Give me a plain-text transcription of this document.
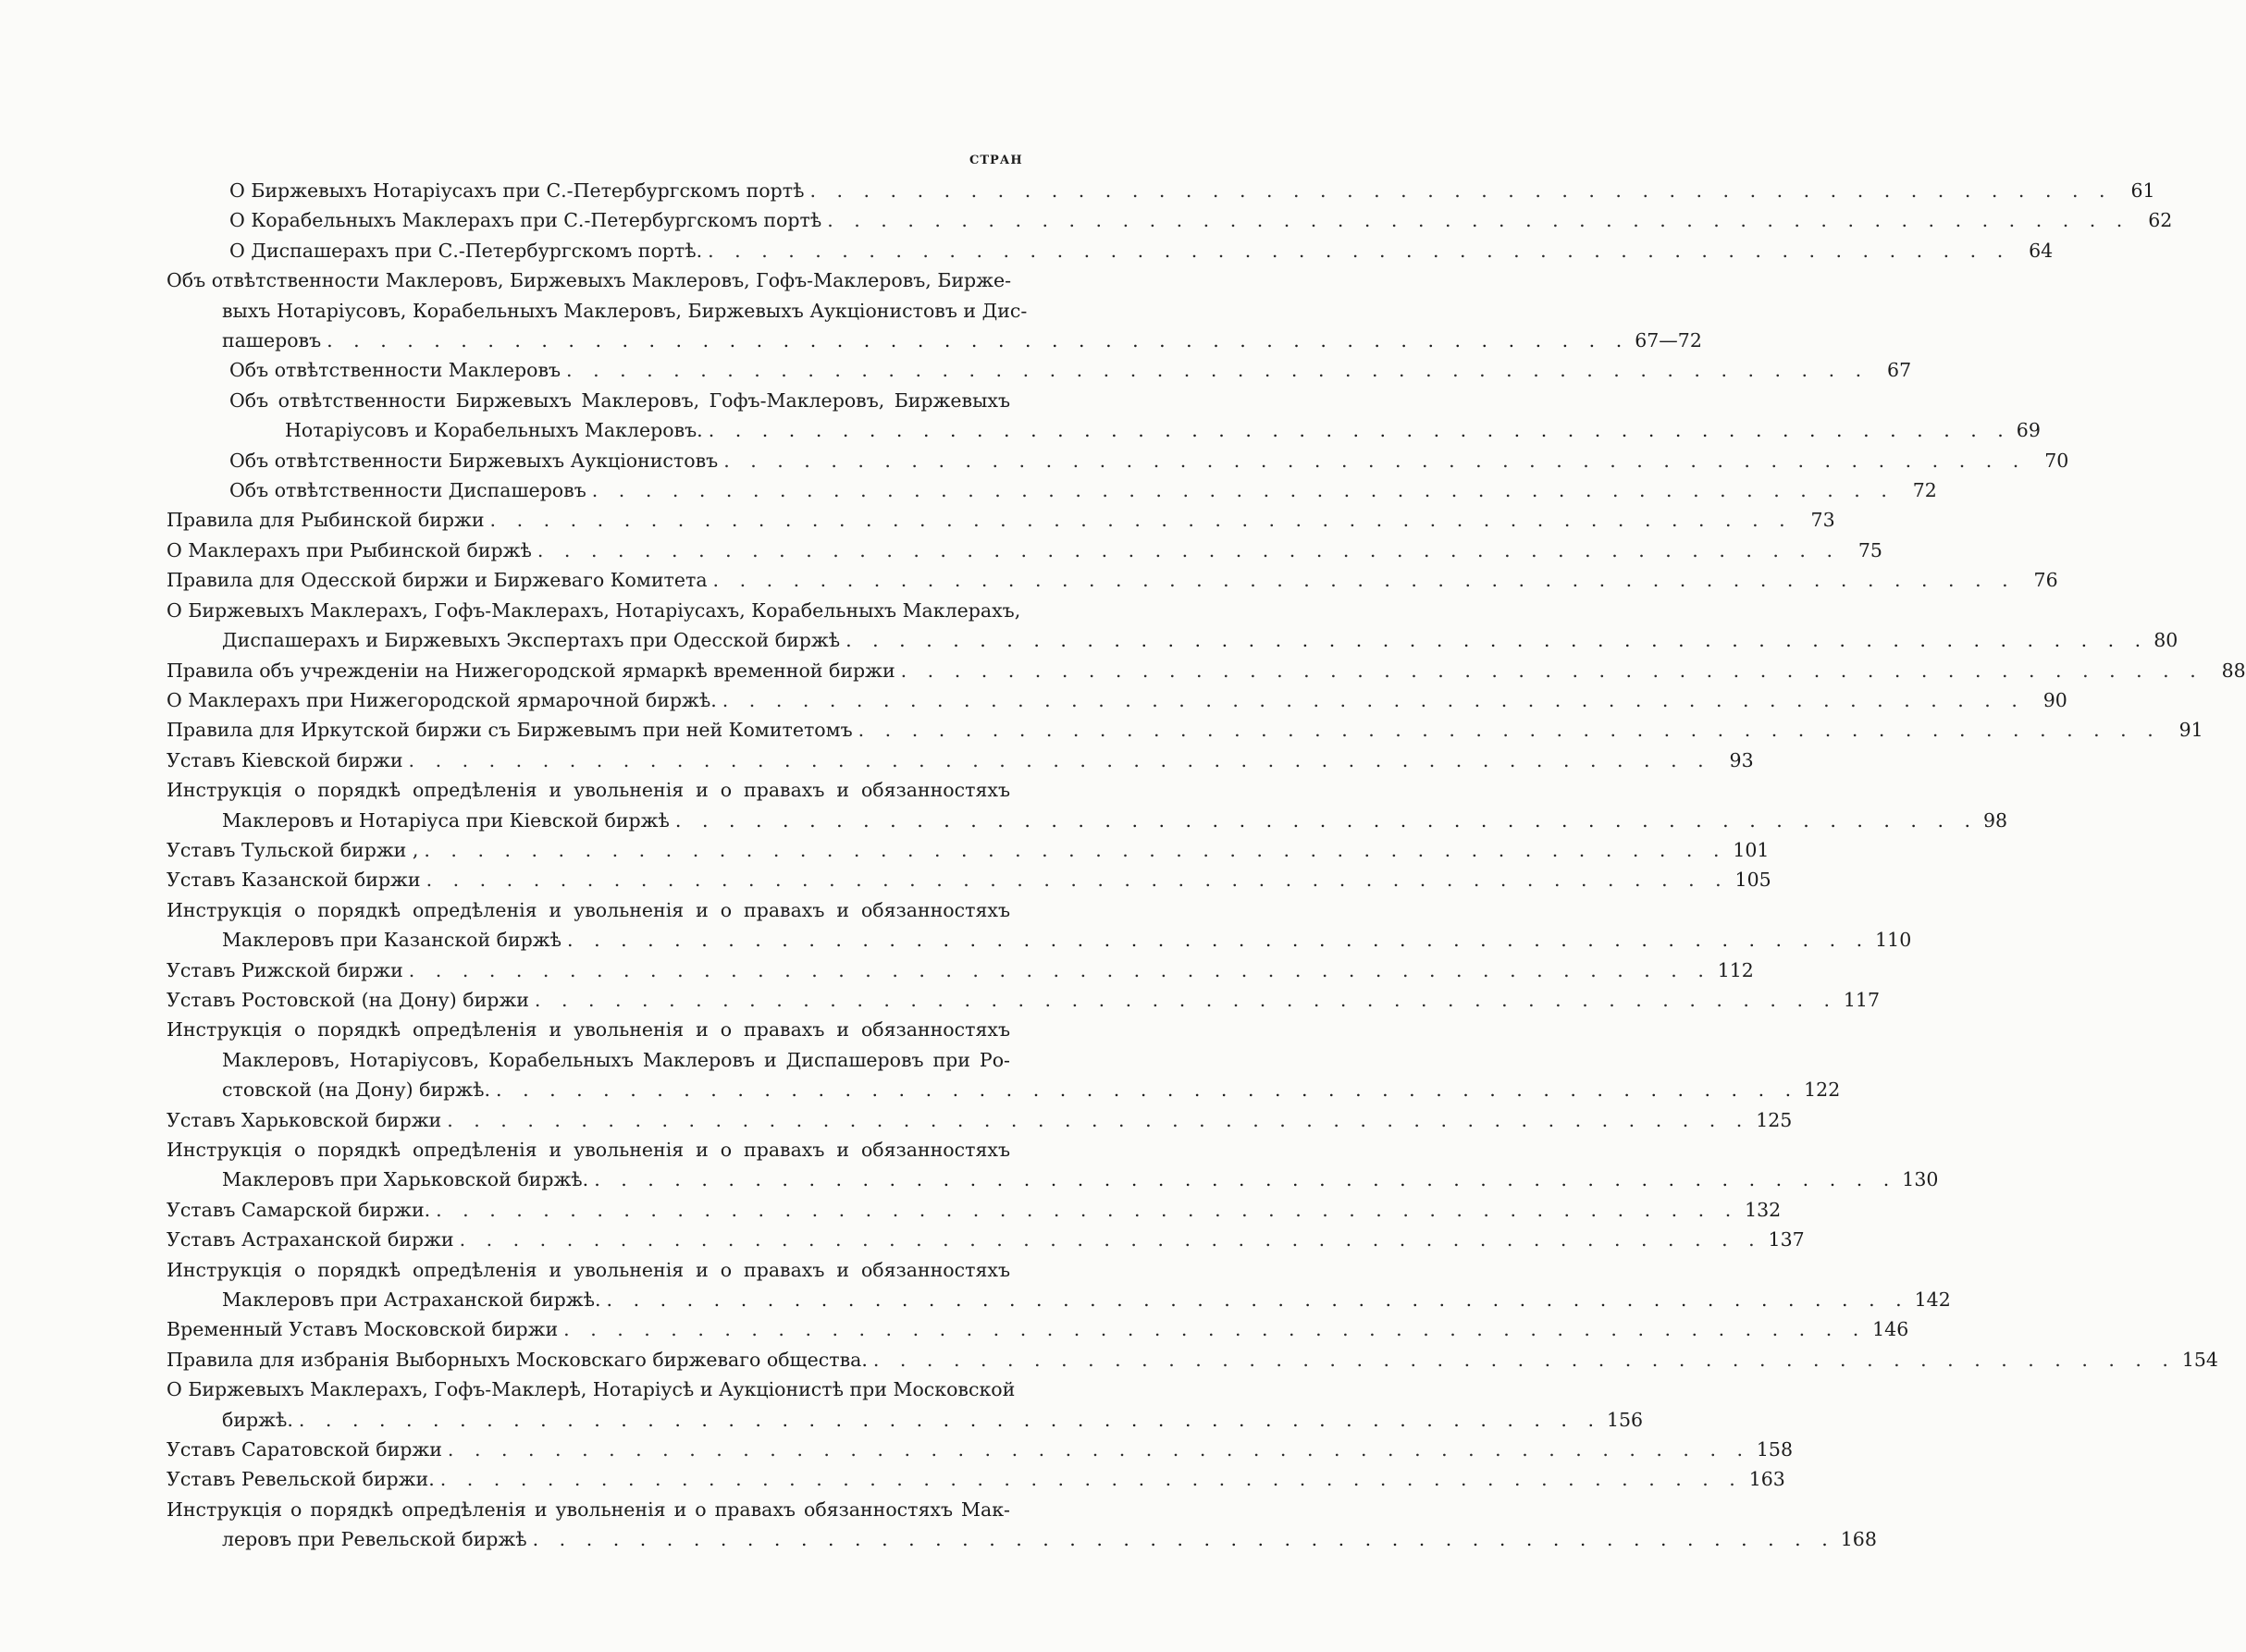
СТРАН
О Биржевыхъ Нотаріусахъ при С.-Петербургскомъ портѣ . . . . . . . . . . . . . . . . . . . . . . . . . . . . . . . . . . . . . . . . . . . . . . . . . 61
О Корабельныхъ Маклерахъ при С.-Петербургскомъ портѣ . . . . . . . . . . . . . . . . . . . . . . . . . . . . . . . . . . . . . . . . . . . . . . . . . 62
О Диспашерахъ при С.-Петербургскомъ портѣ. . . . . . . . . . . . . . . . . . . . . . . . . . . . . . . . . . . . . . . . . . . . . . . . . . 64
Объ отвѣтственности Маклеровъ, Биржевыхъ Маклеровъ, Гофъ-Маклеровъ, Бирже-
выхъ Нотаріусовъ, Корабельныхъ Маклеровъ, Биржевыхъ Аукціонистовъ и Дис-
пашеровъ . . . . . . . . . . . . . . . . . . . . . . . . . . . . . . . . . . . . . . . . . . . . . . . . . 67—72
Объ отвѣтственности Маклеровъ . . . . . . . . . . . . . . . . . . . . . . . . . . . . . . . . . . . . . . . . . . . . . . . . . 67
Объ отвѣтственности Биржевыхъ Маклеровъ, Гофъ-Маклеровъ, Биржевыхъ
Нотаріусовъ и Корабельныхъ Маклеровъ. . . . . . . . . . . . . . . . . . . . . . . . . . . . . . . . . . . . . . . . . . . . . . . . . . 69
Объ отвѣтственности Биржевыхъ Аукціонистовъ . . . . . . . . . . . . . . . . . . . . . . . . . . . . . . . . . . . . . . . . . . . . . . . . . 70
Объ отвѣтственности Диспашеровъ . . . . . . . . . . . . . . . . . . . . . . . . . . . . . . . . . . . . . . . . . . . . . . . . . 72
Правила для Рыбинской биржи . . . . . . . . . . . . . . . . . . . . . . . . . . . . . . . . . . . . . . . . . . . . . . . . . 73
О Маклерахъ при Рыбинской биржѣ . . . . . . . . . . . . . . . . . . . . . . . . . . . . . . . . . . . . . . . . . . . . . . . . . 75
Правила для Одесской биржи и Биржеваго Комитета . . . . . . . . . . . . . . . . . . . . . . . . . . . . . . . . . . . . . . . . . . . . . . . . . 76
О Биржевыхъ Маклерахъ, Гофъ-Маклерахъ, Нотаріусахъ, Корабельныхъ Маклерахъ,
Диспашерахъ и Биржевыхъ Экспертахъ при Одесской биржѣ . . . . . . . . . . . . . . . . . . . . . . . . . . . . . . . . . . . . . . . . . . . . . . . . . 80
Правила объ учрежденіи на Нижегородской ярмаркѣ временной биржи . . . . . . . . . . . . . . . . . . . . . . . . . . . . . . . . . . . . . . . . . . . . . . . . . 88
О Маклерахъ при Нижегородской ярмарочной биржѣ. . . . . . . . . . . . . . . . . . . . . . . . . . . . . . . . . . . . . . . . . . . . . . . . . . 90
Правила для Иркутской биржи съ Биржевымъ при ней Комитетомъ . . . . . . . . . . . . . . . . . . . . . . . . . . . . . . . . . . . . . . . . . . . . . . . . . 91
Уставъ Кіевской биржи . . . . . . . . . . . . . . . . . . . . . . . . . . . . . . . . . . . . . . . . . . . . . . . . . 93
Инструкція о порядкѣ опредѣленія и увольненія и о правахъ и обязанностяхъ
Маклеровъ и Нотаріуса при Кіевской биржѣ . . . . . . . . . . . . . . . . . . . . . . . . . . . . . . . . . . . . . . . . . . . . . . . . . 98
Уставъ Тульской биржи , . . . . . . . . . . . . . . . . . . . . . . . . . . . . . . . . . . . . . . . . . . . . . . . . . 101
Уставъ Казанской биржи . . . . . . . . . . . . . . . . . . . . . . . . . . . . . . . . . . . . . . . . . . . . . . . . . 105
Инструкція о порядкѣ опредѣленія и увольненія и о правахъ и обязанностяхъ
Маклеровъ при Казанской биржѣ . . . . . . . . . . . . . . . . . . . . . . . . . . . . . . . . . . . . . . . . . . . . . . . . . 110
Уставъ Рижской биржи . . . . . . . . . . . . . . . . . . . . . . . . . . . . . . . . . . . . . . . . . . . . . . . . . 112
Уставъ Ростовской (на Дону) биржи . . . . . . . . . . . . . . . . . . . . . . . . . . . . . . . . . . . . . . . . . . . . . . . . . 117
Инструкція о порядкѣ опредѣленія и увольненія и о правахъ и обязанностяхъ
Маклеровъ, Нотаріусовъ, Корабельныхъ Маклеровъ и Диспашеровъ при Ро-
стовской (на Дону) биржѣ. . . . . . . . . . . . . . . . . . . . . . . . . . . . . . . . . . . . . . . . . . . . . . . . . . 122
Уставъ Харьковской биржи . . . . . . . . . . . . . . . . . . . . . . . . . . . . . . . . . . . . . . . . . . . . . . . . . 125
Инструкція о порядкѣ опредѣленія и увольненія и о правахъ и обязанностяхъ
Маклеровъ при Харьковской биржѣ. . . . . . . . . . . . . . . . . . . . . . . . . . . . . . . . . . . . . . . . . . . . . . . . . . 130
Уставъ Самарской биржи. . . . . . . . . . . . . . . . . . . . . . . . . . . . . . . . . . . . . . . . . . . . . . . . . . 132
Уставъ Астраханской биржи . . . . . . . . . . . . . . . . . . . . . . . . . . . . . . . . . . . . . . . . . . . . . . . . . 137
Инструкція о порядкѣ опредѣленія и увольненія и о правахъ и обязанностяхъ
Маклеровъ при Астраханской биржѣ. . . . . . . . . . . . . . . . . . . . . . . . . . . . . . . . . . . . . . . . . . . . . . . . . . 142
Временный Уставъ Московской биржи . . . . . . . . . . . . . . . . . . . . . . . . . . . . . . . . . . . . . . . . . . . . . . . . . 146
Правила для избранія Выборныхъ Московскаго биржеваго общества. . . . . . . . . . . . . . . . . . . . . . . . . . . . . . . . . . . . . . . . . . . . . . . . . . 154
О Биржевыхъ Маклерахъ, Гофъ-Маклерѣ, Нотаріусѣ и Аукціонистѣ при Московской
биржѣ. . . . . . . . . . . . . . . . . . . . . . . . . . . . . . . . . . . . . . . . . . . . . . . . . . 156
Уставъ Саратовской биржи . . . . . . . . . . . . . . . . . . . . . . . . . . . . . . . . . . . . . . . . . . . . . . . . . 158
Уставъ Ревельской биржи. . . . . . . . . . . . . . . . . . . . . . . . . . . . . . . . . . . . . . . . . . . . . . . . . . 163
Инструкція о порядкѣ опредѣленія и увольненія и о правахъ обязанностяхъ Мак-
леровъ при Ревельской биржѣ . . . . . . . . . . . . . . . . . . . . . . . . . . . . . . . . . . . . . . . . . . . . . . . . . 168
